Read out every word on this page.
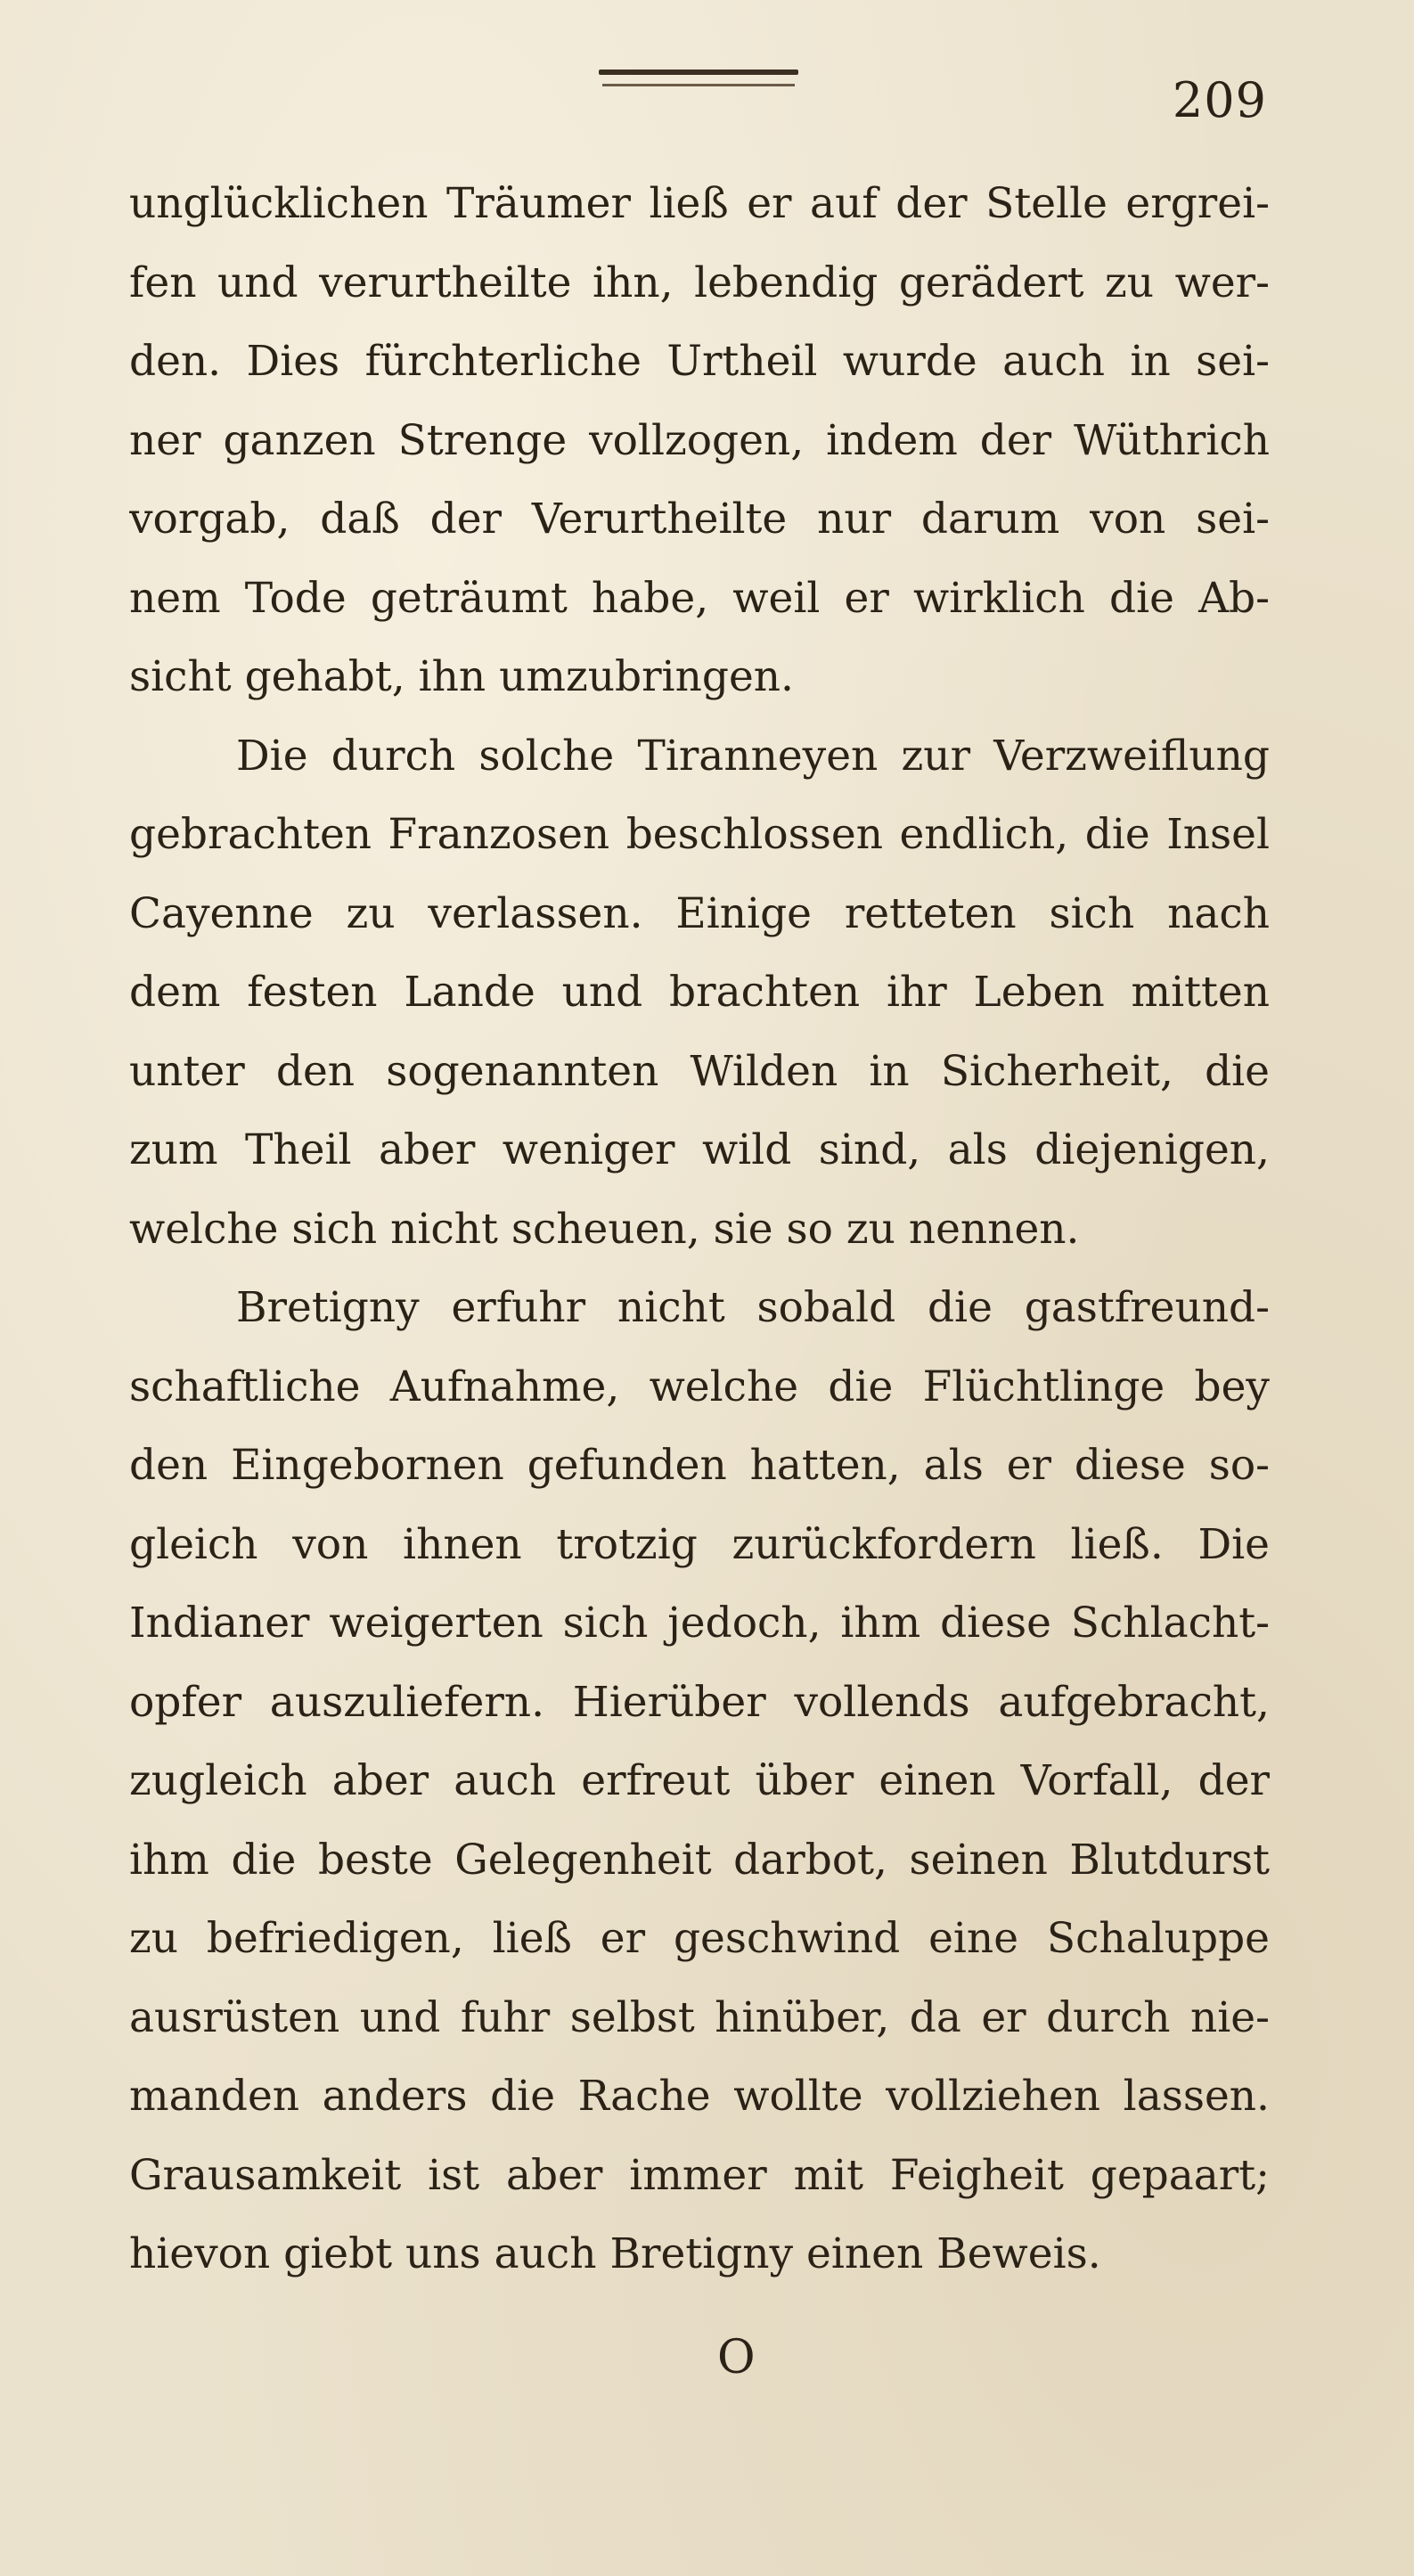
209
unglücklichen Träumer ließ er auf der Stelle ergrei-
fen und verurtheilte ihn, lebendig gerädert zu wer-
den. Dies fürchterliche Urtheil wurde auch in sei-
ner ganzen Strenge vollzogen, indem der Wüthrich
vorgab, daß der Verurtheilte nur darum von sei-
nem Tode geträumt habe, weil er wirklich die Ab-
sicht gehabt, ihn umzubringen.
Die durch solche Tiranneyen zur Verzweiflung
gebrachten Franzosen beschlossen endlich, die Insel
Cayenne zu verlassen. Einige retteten sich nach
dem festen Lande und brachten ihr Leben mitten
unter den sogenannten Wilden in Sicherheit, die
zum Theil aber weniger wild sind, als diejenigen,
welche sich nicht scheuen, sie so zu nennen.
Bretigny erfuhr nicht sobald die gastfreund-
schaftliche Aufnahme, welche die Flüchtlinge bey
den Eingebornen gefunden hatten, als er diese so-
gleich von ihnen trotzig zurückfordern ließ. Die
Indianer weigerten sich jedoch, ihm diese Schlacht-
opfer auszuliefern. Hierüber vollends aufgebracht,
zugleich aber auch erfreut über einen Vorfall, der
ihm die beste Gelegenheit darbot, seinen Blutdurst
zu befriedigen, ließ er geschwind eine Schaluppe
ausrüsten und fuhr selbst hinüber, da er durch nie-
manden anders die Rache wollte vollziehen lassen.
Grausamkeit ist aber immer mit Feigheit gepaart;
hievon giebt uns auch Bretigny einen Beweis.
O
